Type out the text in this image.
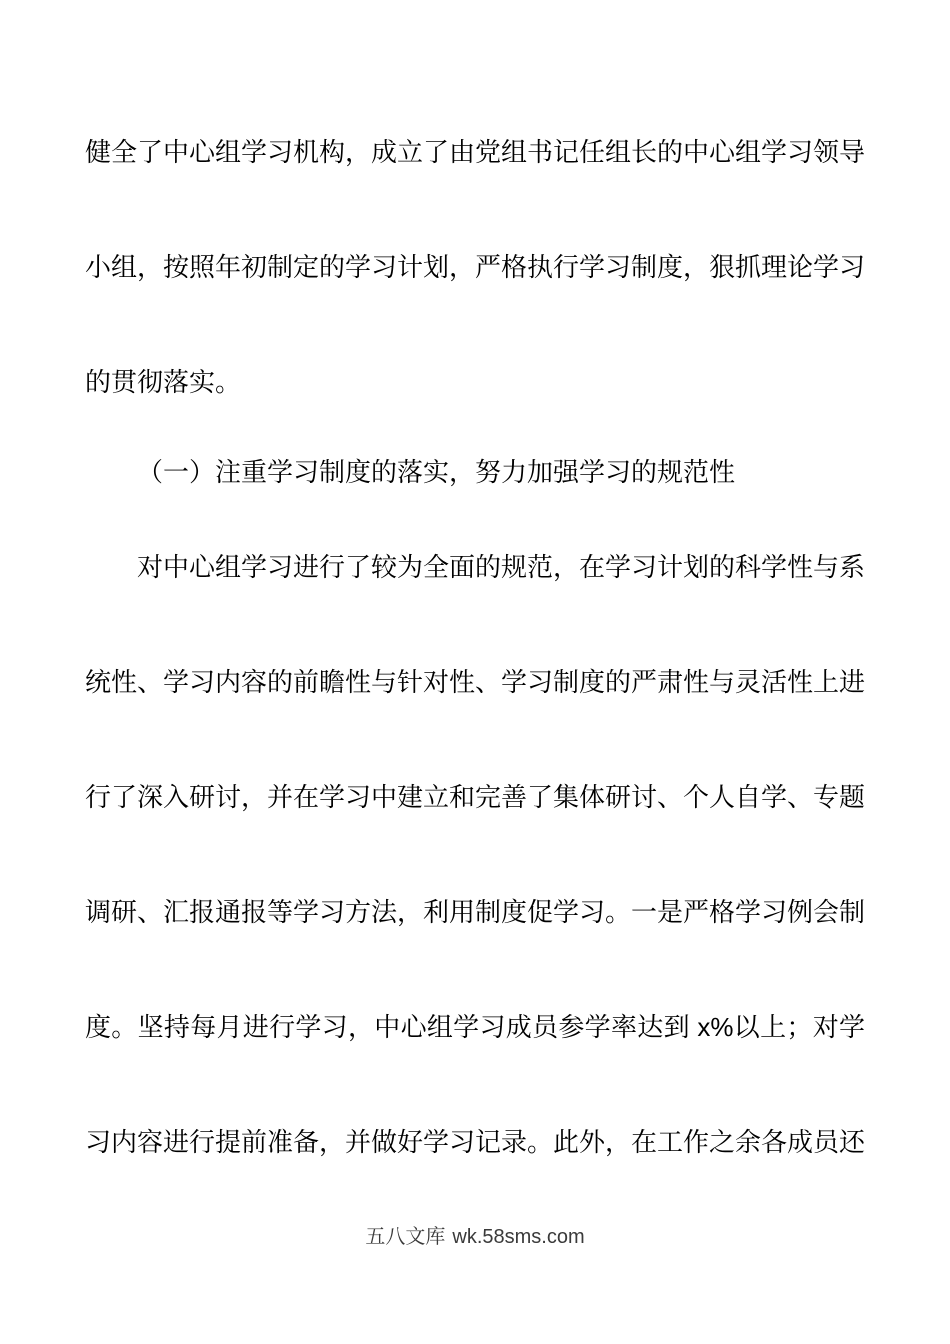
健全了中心组学习机构，成立了由党组书记任组长的中心组学习领导小组，按照年初制定的学习计划，严格执行学习制度，狠抓理论学习的贯彻落实。

（一）注重学习制度的落实，努力加强学习的规范性

对中心组学习进行了较为全面的规范，在学习计划的科学性与系统性、学习内容的前瞻性与针对性、学习制度的严肃性与灵活性上进行了深入研讨，并在学习中建立和完善了集体研讨、个人自学、专题调研、汇报通报等学习方法，利用制度促学习。一是严格学习例会制度。坚持每月进行学习，中心组学习成员参学率达到 x%以上；对学习内容进行提前准备，并做好学习记录。此外，在工作之余各成员还

五八文库 wk.58sms.com
